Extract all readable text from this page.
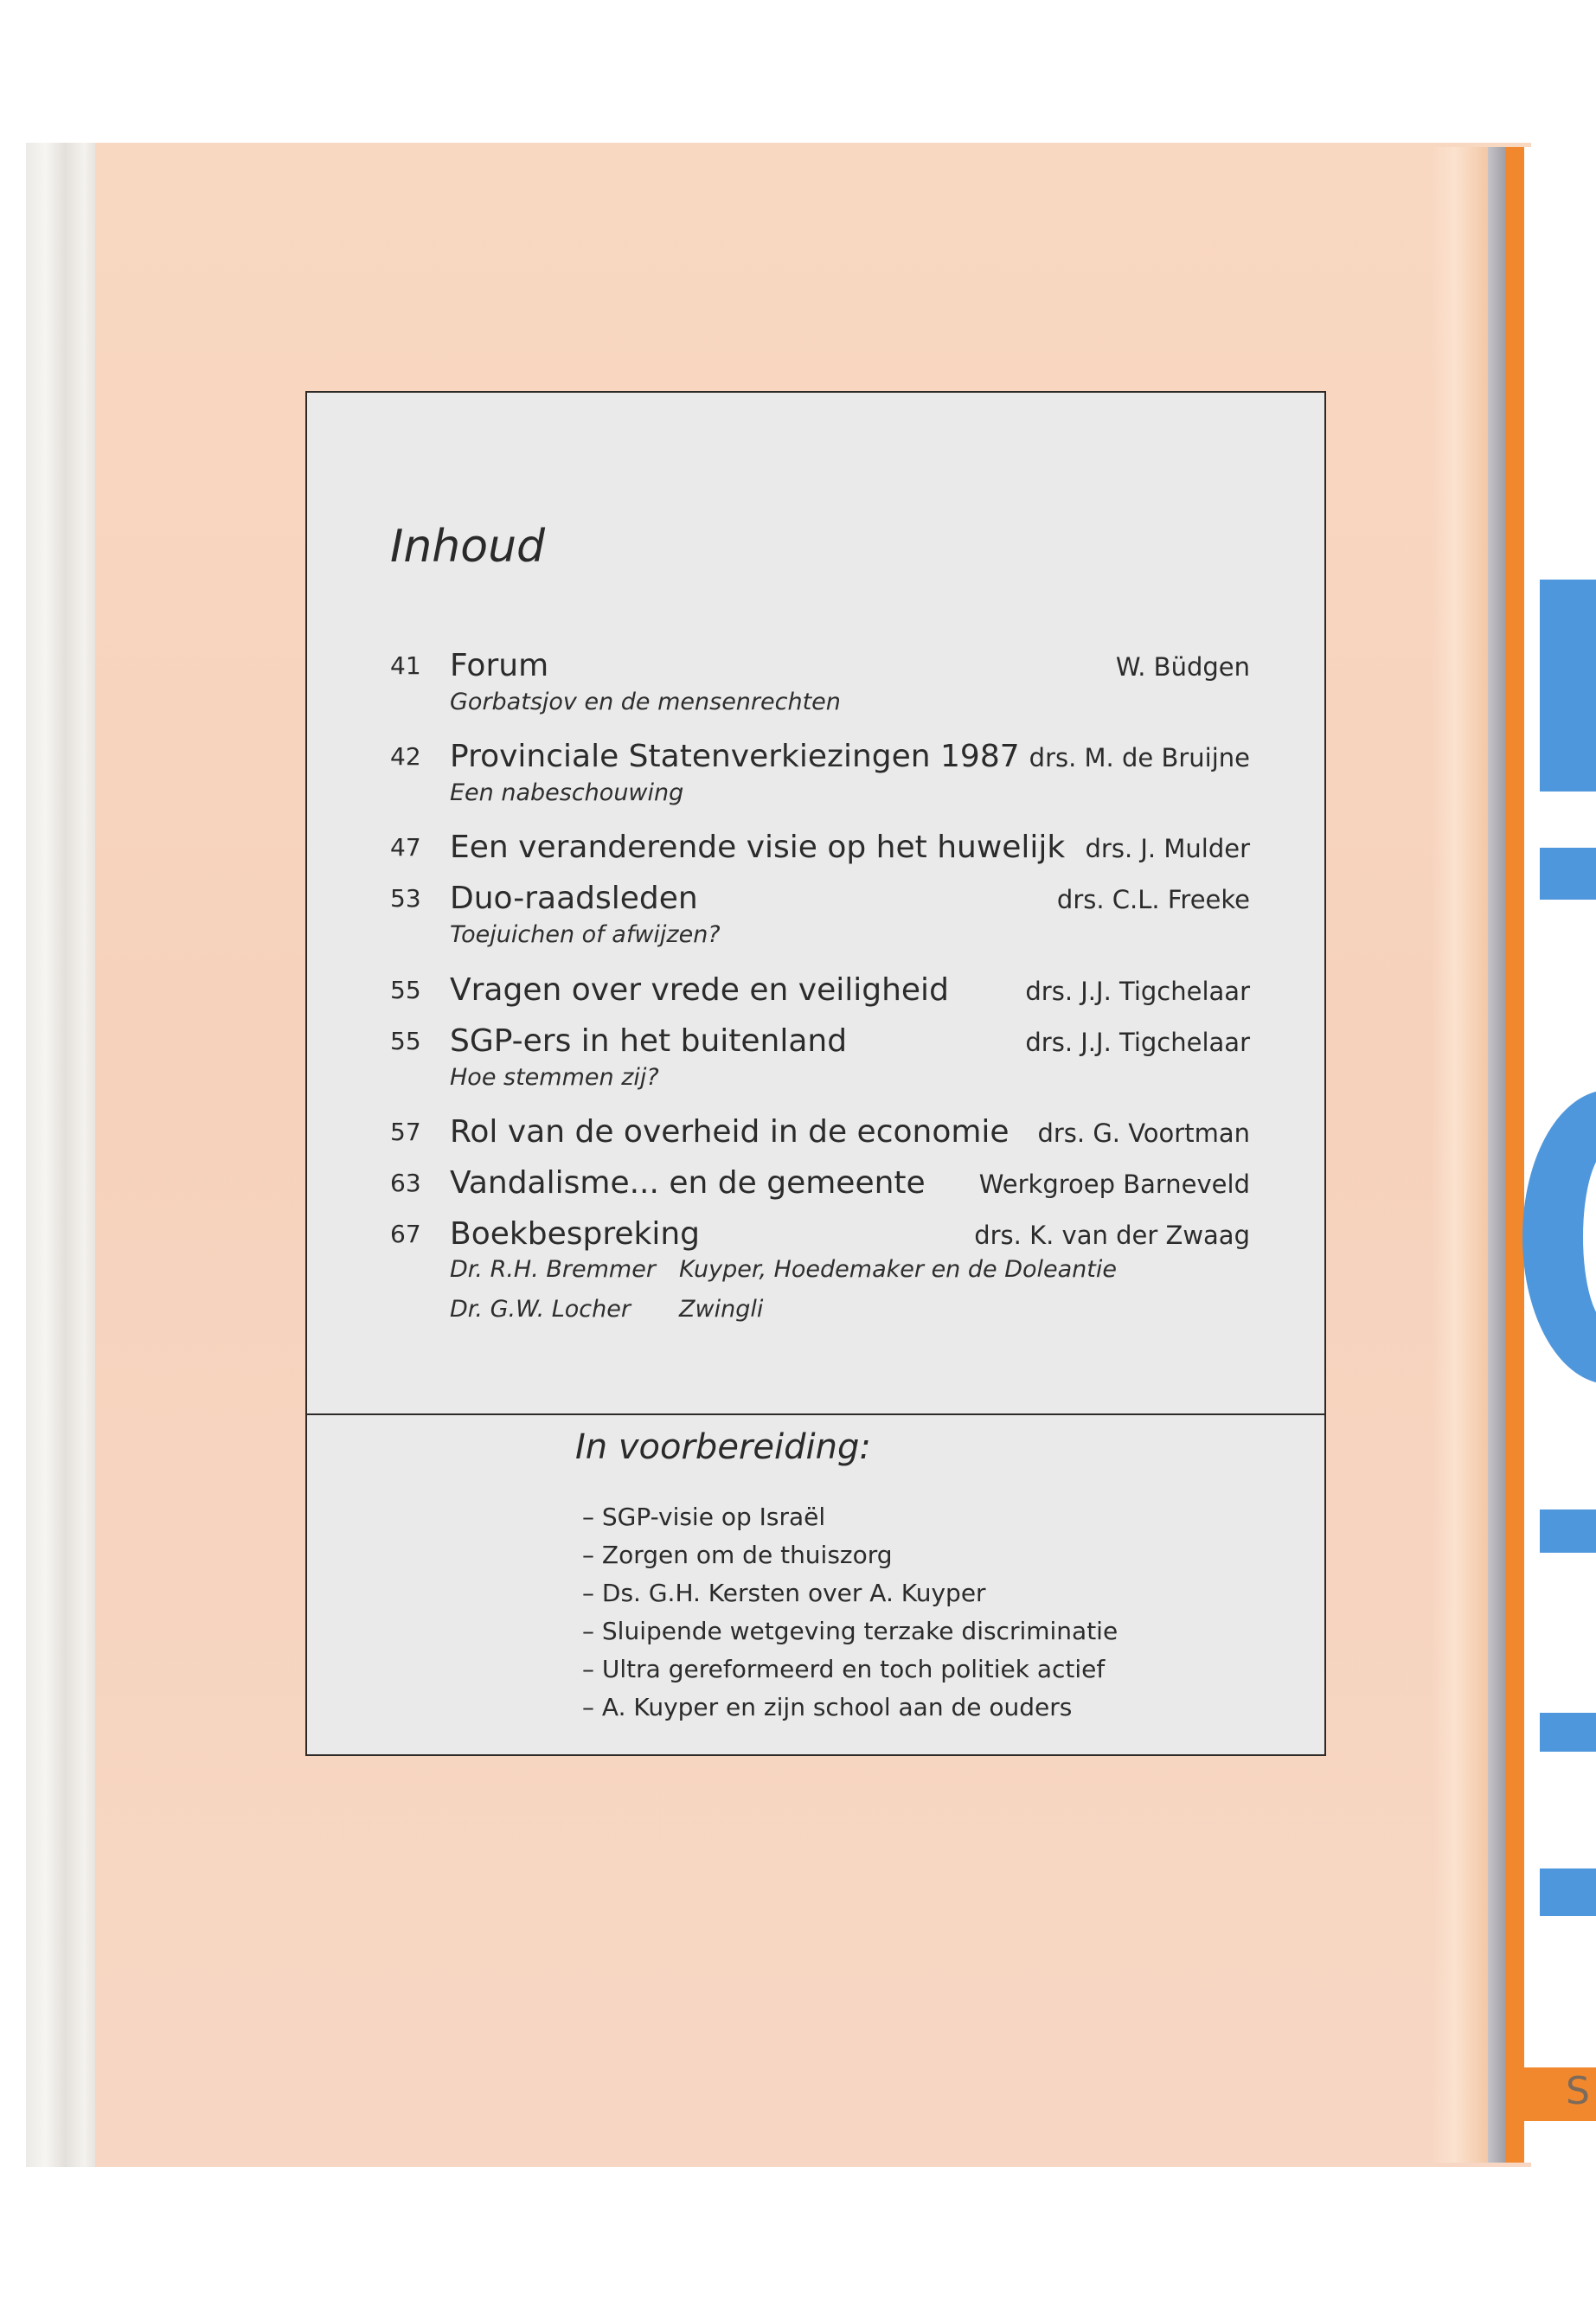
S
Inhoud
41 Forum	W. Büdgen
Gorbatsjov en de mensenrechten
42 Provinciale Statenverkiezingen 1987 drs. M. de Bruijne
Een nabeschouwing
47 Een veranderende visie op het huwelijk drs. J. Mulder
53 Duo-raadsleden	drs. C.L. Freeke
Toejuichen of afwijzen?
55 Vragen over vrede en veiligheid	drs. J.J. Tigchelaar
55 SGP-ers in het buitenland	drs. J.J. Tigchelaar
Hoe stemmen zij?
57 Rol van de overheid in de economie drs. G. Voortman
63 Vandalisme... en de gemeente Werkgroep Barneveld
67 Boekbespreking	drs. K. van der Zwaag
Dr. R.H. Bremmer Kuyper, Hoedemaker en de Doleantie
Dr. G.W. Locher Zwingli
In voorbereiding:
– SGP-visie op Israël
– Zorgen om de thuiszorg
– Ds. G.H. Kersten over A. Kuyper
– Sluipende wetgeving terzake discriminatie
– Ultra gereformeerd en toch politiek actief
– A. Kuyper en zijn school aan de ouders
